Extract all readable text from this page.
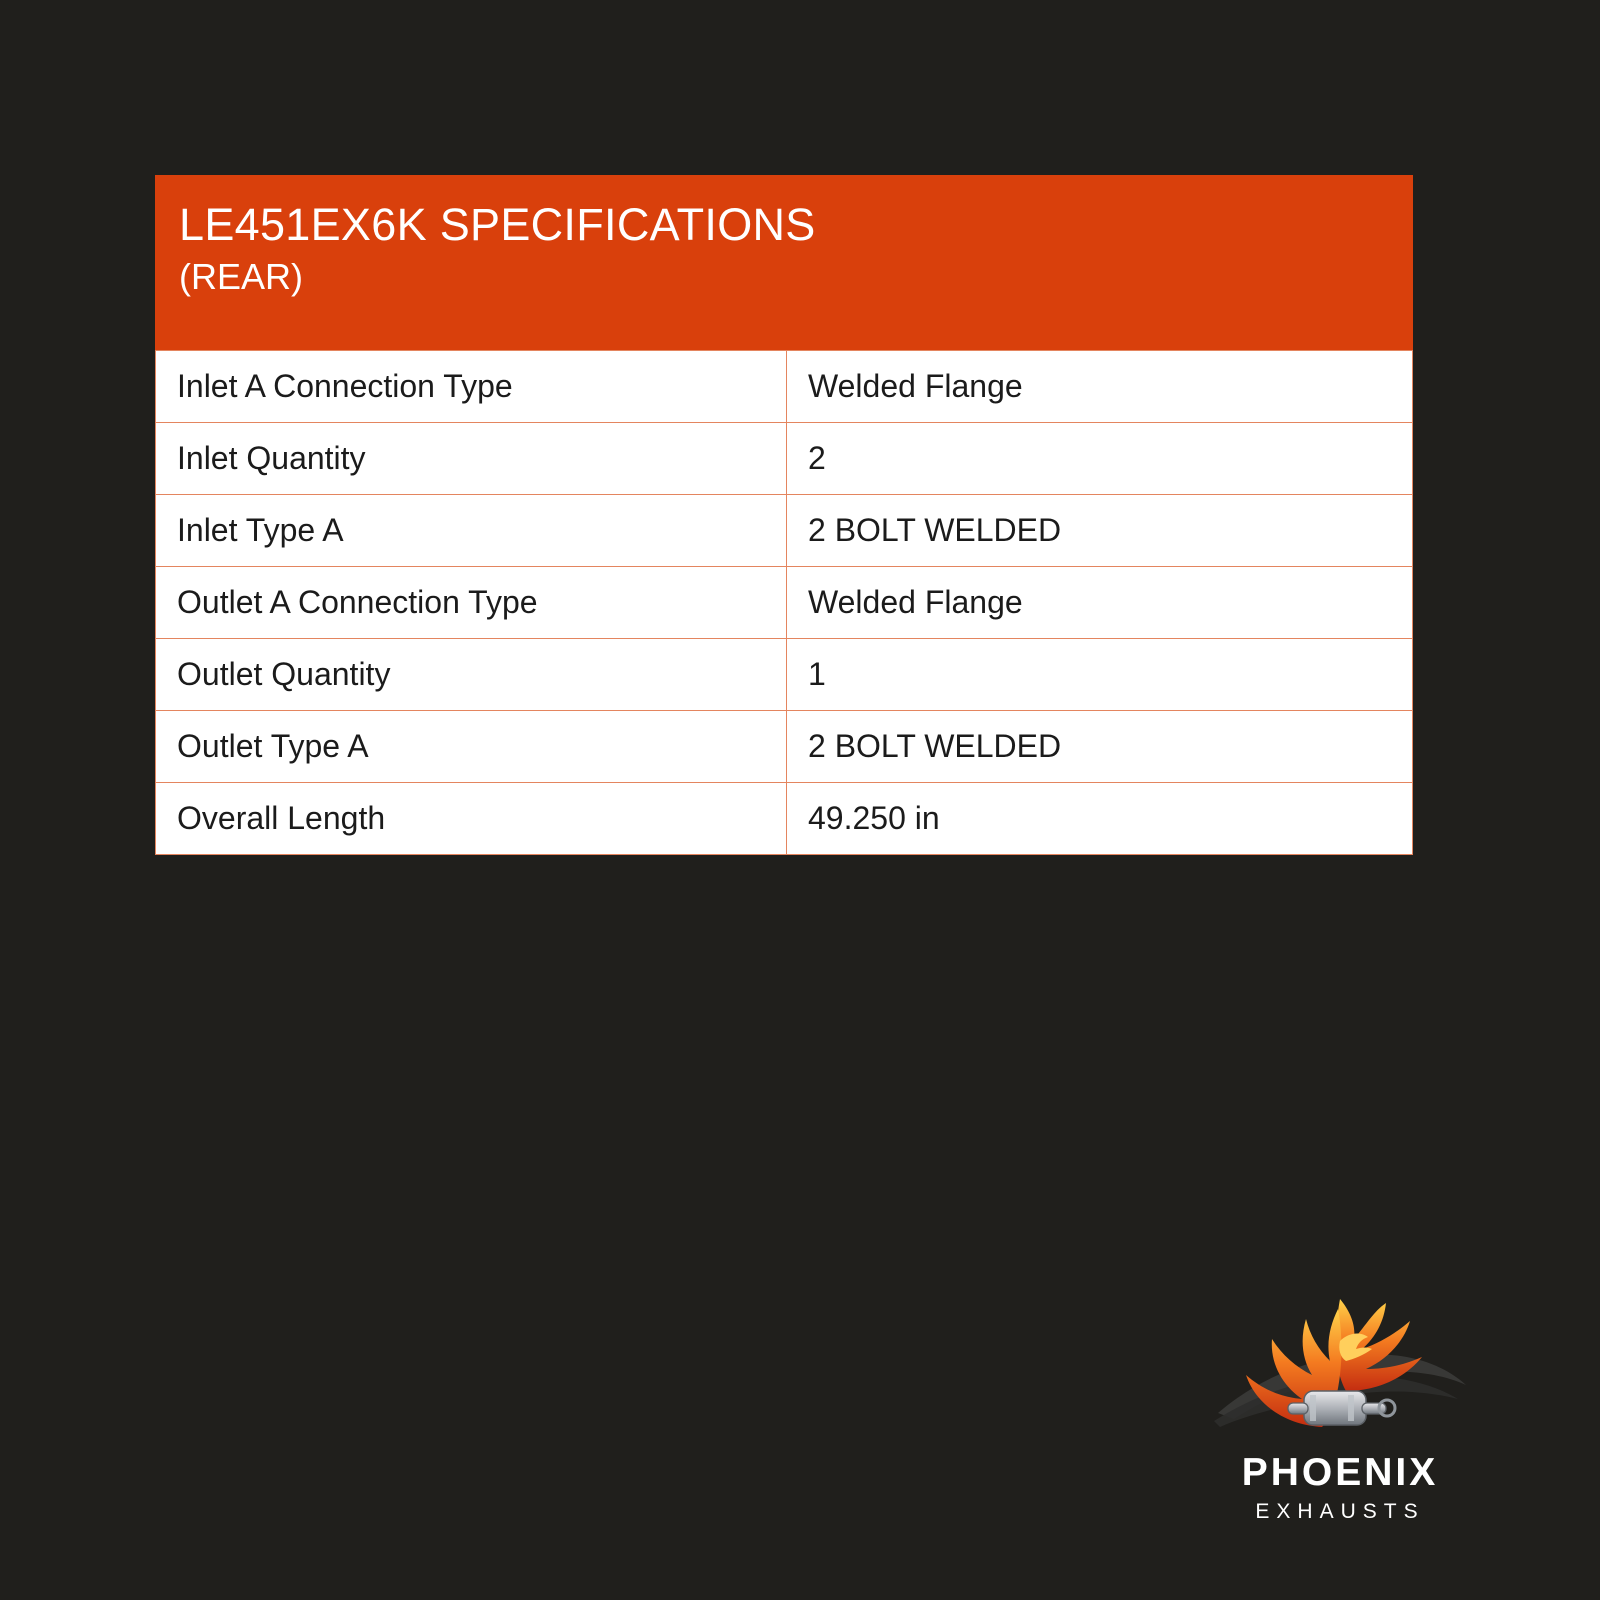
LE451EX6K SPECIFICATIONS
(REAR)
Inlet A Connection Type	Welded Flange
Inlet Quantity	2
Inlet Type A	2 BOLT WELDED
Outlet A Connection Type	Welded Flange
Outlet Quantity	1
Outlet Type A	2 BOLT WELDED
Overall Length	49.250 in
PHOENIX
EXHAUSTS
